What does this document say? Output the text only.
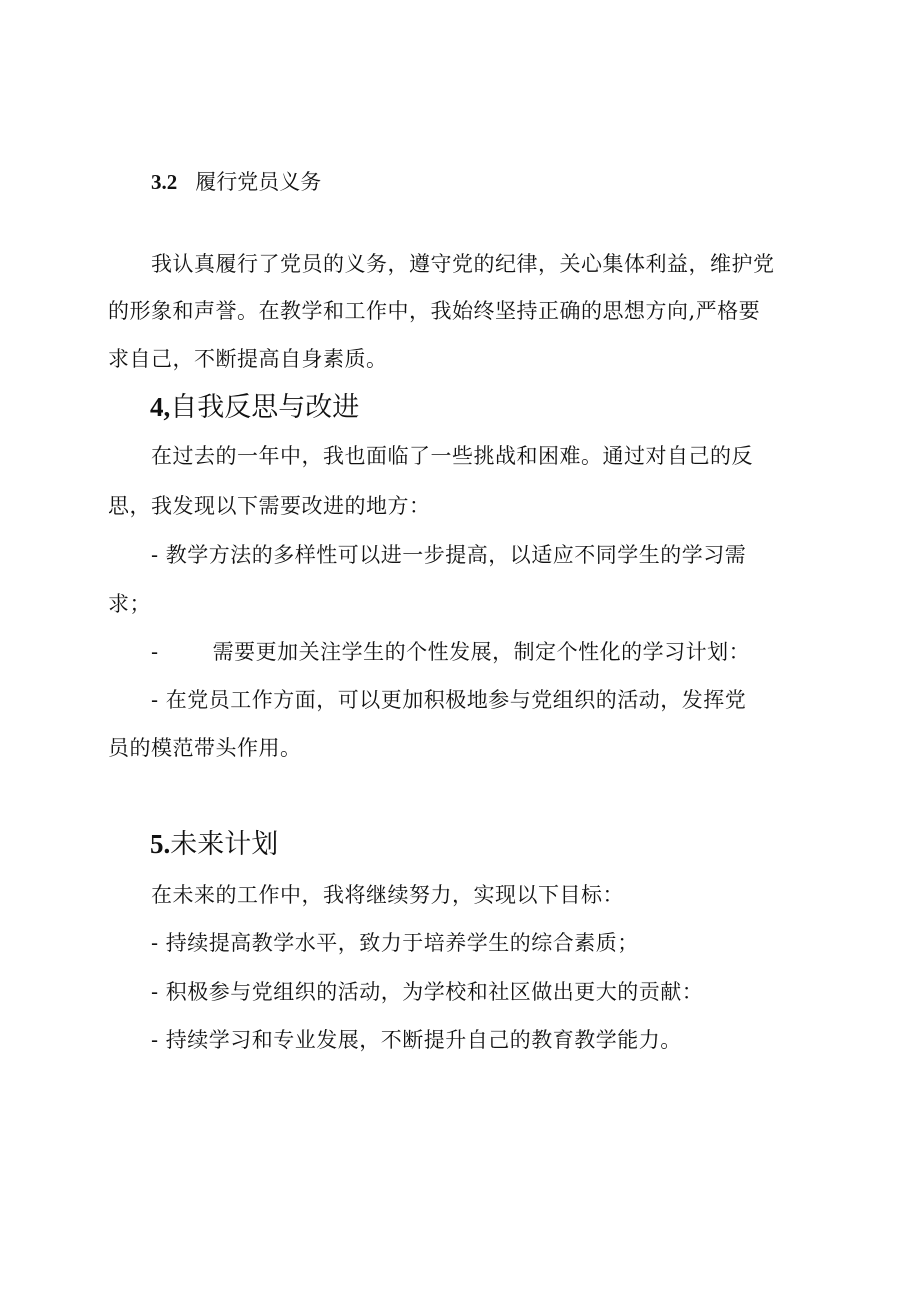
3.2 履行党员义务
我认真履行了党员的义务，遵守党的纪律，关心集体利益，维护党
的形象和声誉。在教学和工作中，我始终坚持正确的思想方向,严格要
求自己，不断提高自身素质。
4,自我反思与改进
在过去的一年中，我也面临了一些挑战和困难。通过对自己的反
思，我发现以下需要改进的地方：
- 教学方法的多样性可以进一步提高，以适应不同学生的学习需
求；
-	需要更加关注学生的个性发展，制定个性化的学习计划：
- 在党员工作方面，可以更加积极地参与党组织的活动，发挥党
员的模范带头作用。
5.未来计划
在未来的工作中，我将继续努力，实现以下目标：
- 持续提高教学水平，致力于培养学生的综合素质；
- 积极参与党组织的活动，为学校和社区做出更大的贡献：
- 持续学习和专业发展，不断提升自己的教育教学能力。
